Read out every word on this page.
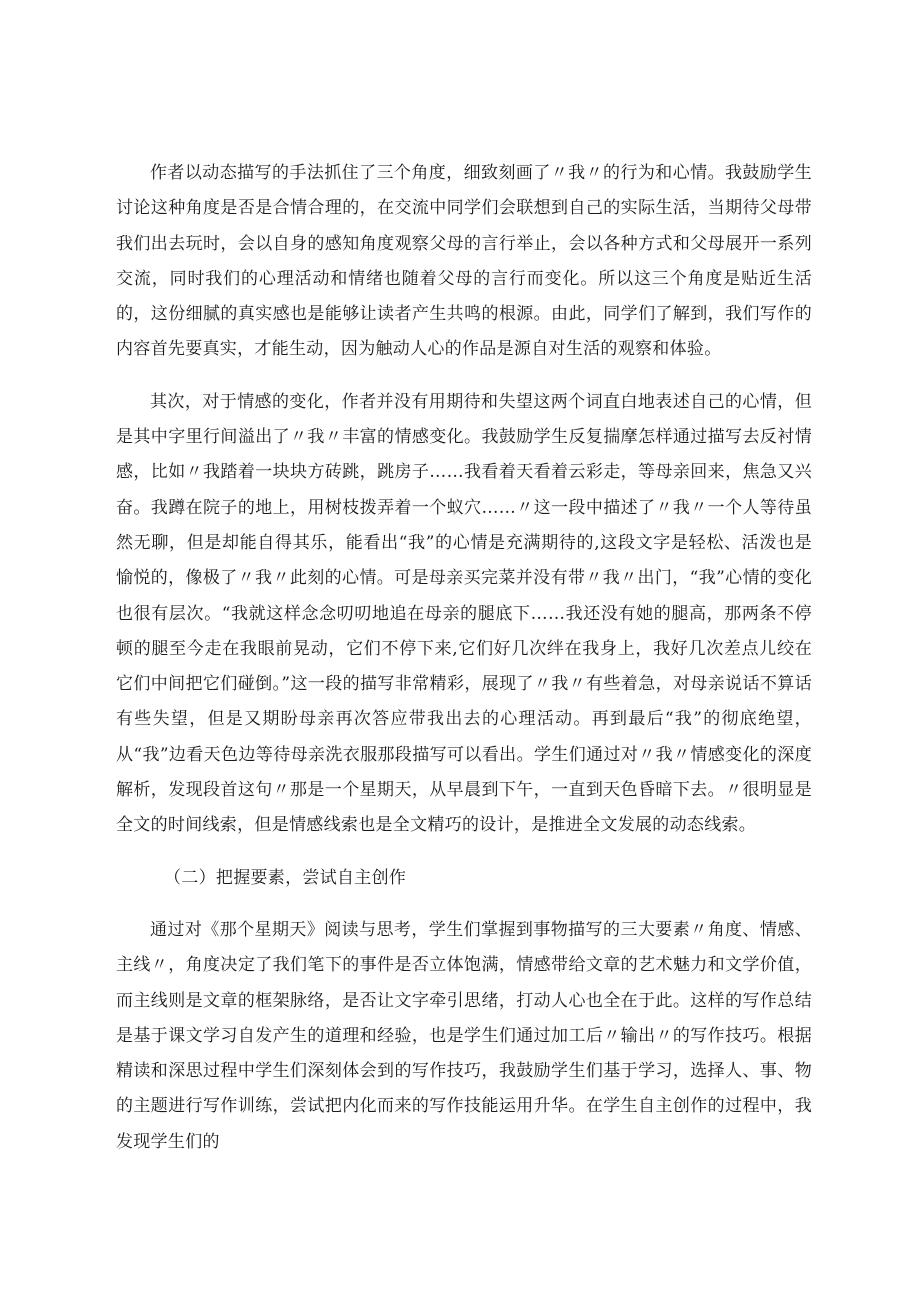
作者以动态描写的手法抓住了三个角度，细致刻画了〃我〃的行为和心情。我鼓励学生讨论这种角度是否是合情合理的，在交流中同学们会联想到自己的实际生活，当期待父母带我们出去玩时，会以自身的感知角度观察父母的言行举止，会以各种方式和父母展开一系列交流，同时我们的心理活动和情绪也随着父母的言行而变化。所以这三个角度是贴近生活的，这份细腻的真实感也是能够让读者产生共鸣的根源。由此，同学们了解到，我们写作的内容首先要真实，才能生动，因为触动人心的作品是源自对生活的观察和体验。

其次，对于情感的变化，作者并没有用期待和失望这两个词直白地表述自己的心情，但是其中字里行间溢出了〃我〃丰富的情感变化。我鼓励学生反复揣摩怎样通过描写去反衬情感，比如〃我踏着一块块方砖跳，跳房子……我看着天看着云彩走，等母亲回来，焦急又兴奋。我蹲在院子的地上，用树枝拨弄着一个蚁穴……〃这一段中描述了〃我〃一个人等待虽然无聊，但是却能自得其乐，能看出“我”的心情是充满期待的,这段文字是轻松、活泼也是愉悦的，像极了〃我〃此刻的心情。可是母亲买完菜并没有带〃我〃出门，“我”心情的变化也很有层次。“我就这样念念叨叨地追在母亲的腿底下……我还没有她的腿高，那两条不停顿的腿至今走在我眼前晃动，它们不停下来,它们好几次绊在我身上，我好几次差点儿绞在它们中间把它们碰倒。”这一段的描写非常精彩，展现了〃我〃有些着急，对母亲说话不算话有些失望，但是又期盼母亲再次答应带我出去的心理活动。再到最后“我”的彻底绝望，从“我”边看天色边等待母亲洗衣服那段描写可以看出。学生们通过对〃我〃情感变化的深度解析，发现段首这句〃那是一个星期天，从早晨到下午，一直到天色昏暗下去。〃很明显是全文的时间线索，但是情感线索也是全文精巧的设计，是推进全文发展的动态线索。

（二）把握要素，尝试自主创作

通过对《那个星期天》阅读与思考，学生们掌握到事物描写的三大要素〃角度、情感、主线〃，角度决定了我们笔下的事件是否立体饱满，情感带给文章的艺术魅力和文学价值，而主线则是文章的框架脉络，是否让文字牵引思绪，打动人心也全在于此。这样的写作总结是基于课文学习自发产生的道理和经验，也是学生们通过加工后〃输出〃的写作技巧。根据精读和深思过程中学生们深刻体会到的写作技巧，我鼓励学生们基于学习，选择人、事、物的主题进行写作训练，尝试把内化而来的写作技能运用升华。在学生自主创作的过程中，我发现学生们的
